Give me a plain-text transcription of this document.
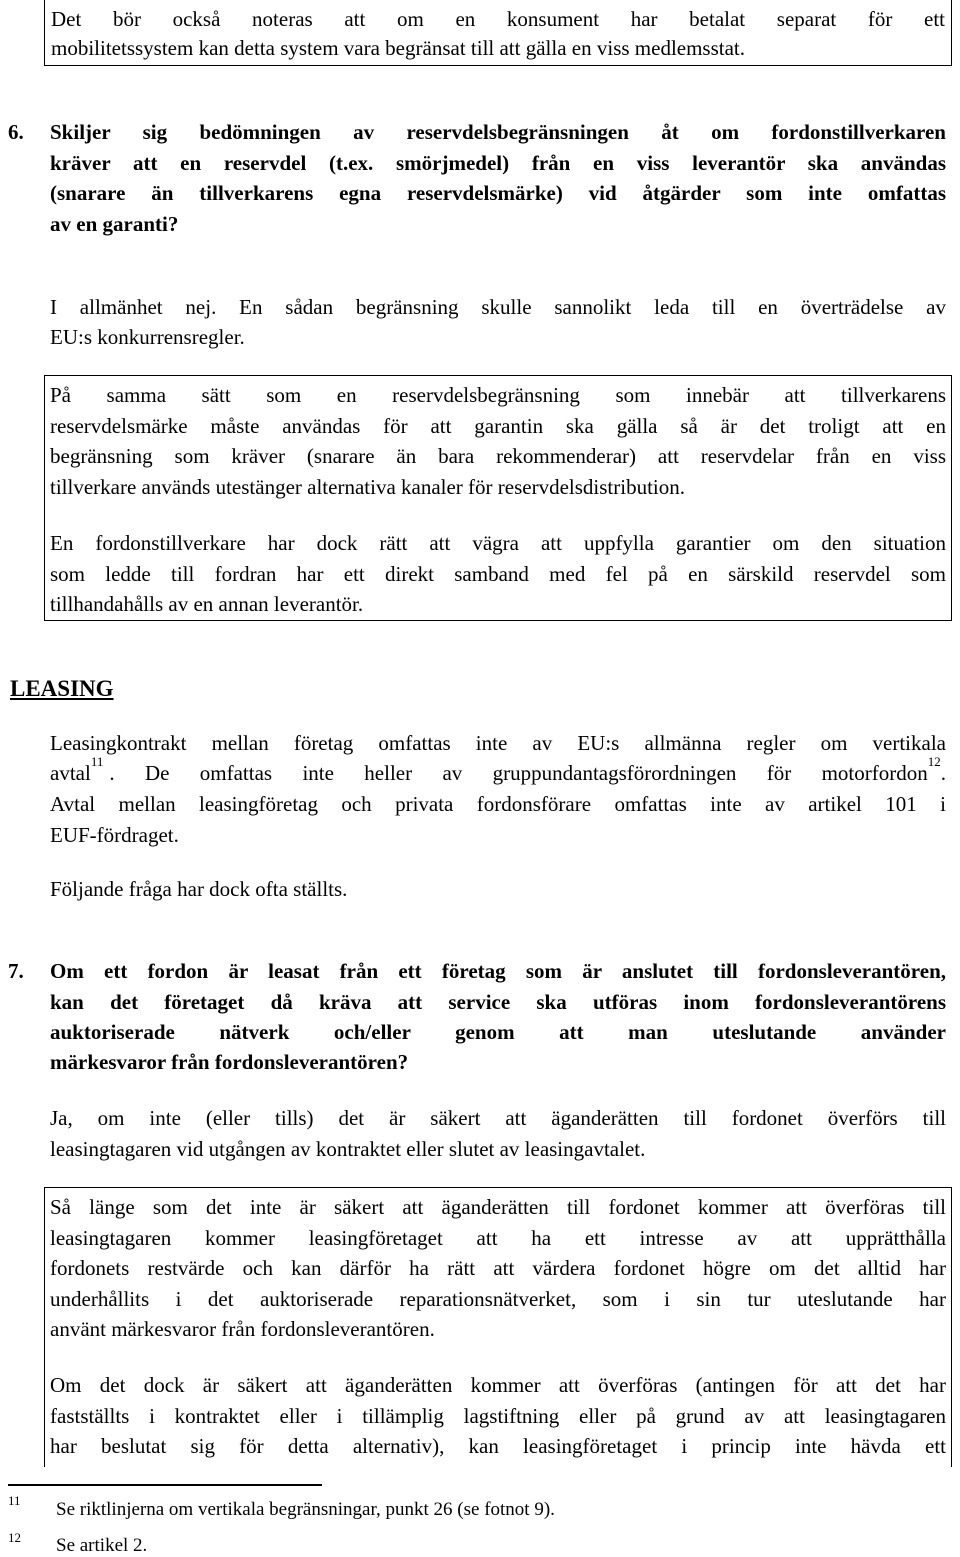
Det bör också noteras att om en konsument har betalat separat för ett
mobilitetssystem kan detta system vara begränsat till att gälla en viss medlemsstat.
6. Skiljer sig bedömningen av reservdelsbegränsningen åt om fordonstillverkaren
kräver att en reservdel (t.ex. smörjmedel) från en viss leverantör ska användas
(snarare än tillverkarens egna reservdelsmärke) vid åtgärder som inte omfattas
av en garanti?
I allmänhet nej. En sådan begränsning skulle sannolikt leda till en överträdelse av
EU:s konkurrensregler.
På samma sätt som en reservdelsbegränsning som innebär att tillverkarens
reservdelsmärke måste användas för att garantin ska gälla så är det troligt att en
begränsning som kräver (snarare än bara rekommenderar) att reservdelar från en viss
tillverkare används utestänger alternativa kanaler för reservdelsdistribution.
En fordonstillverkare har dock rätt att vägra att uppfylla garantier om den situation
som ledde till fordran har ett direkt samband med fel på en särskild reservdel som
tillhandahålls av en annan leverantör.
LEASING
Leasingkontrakt mellan företag omfattas inte av EU:s allmänna regler om vertikala
avtal$^{11}$ . De omfattas inte heller av gruppundantagsförordningen för motorfordon $^{12}$.
Avtal mellan leasingföretag och privata fordonsförare omfattas inte av artikel 101 i
EUF-fördraget.
Följande fråga har dock ofta ställts.
7. Om ett fordon är leasat från ett företag som är anslutet till fordonsleverantören,
kan det företaget då kräva att service ska utföras inom fordonsleverantörens
auktoriserade nätverk och/eller genom att man uteslutande använder
märkesvaror från fordonsleverantören?
Ja, om inte (eller tills) det är säkert att äganderätten till fordonet överförs till
leasingtagaren vid utgången av kontraktet eller slutet av leasingavtalet.
Så länge som det inte är säkert att äganderätten till fordonet kommer att överföras till
leasingtagaren kommer leasingföretaget att ha ett intresse av att upprätthålla
fordonets restvärde och kan därför ha rätt att värdera fordonet högre om det alltid har
underhållits i det auktoriserade reparationsnätverket, som i sin tur uteslutande har
använt märkesvaror från fordonsleverantören.
Om det dock är säkert att äganderätten kommer att överföras (antingen för att det har
fastställts i kontraktet eller i tillämplig lagstiftning eller på grund av att leasingtagaren
har beslutat sig för detta alternativ), kan leasingföretaget i princip inte hävda ett
11 Se riktlinjerna om vertikala begränsningar, punkt 26 (se fotnot 9).
12 Se artikel 2.
